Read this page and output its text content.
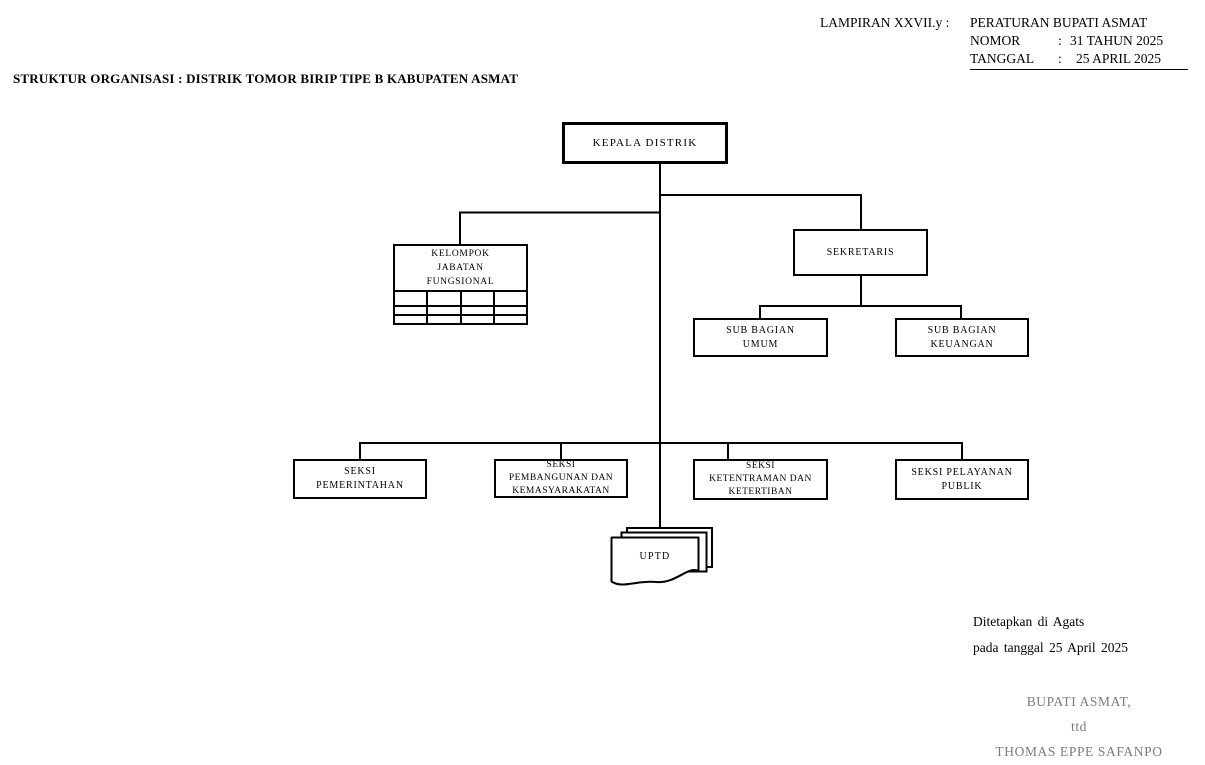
LAMPIRAN XXVII.y :	PERATURAN BUPATI ASMAT
NOMOR	: 31 TAHUN 2025
TANGGAL	:	25 APRIL 2025
STRUKTUR ORGANISASI : DISTRIK TOMOR BIRIP TIPE B KABUPATEN ASMAT
KEPALA DISTRIK
KELOMPOK
JABATAN
FUNGSIONAL
SEKRETARIS
SUB BAGIAN
UMUM
SUB BAGIAN
KEUANGAN
SEKSI
PEMERINTAHAN
SEKSI
PEMBANGUNAN DAN
KEMASYARAKATAN
SEKSI
KETENTRAMAN DAN
KETERTIBAN
SEKSI PELAYANAN
PUBLIK
UPTD
Ditetapkan di Agats
pada tanggal 25 April 2025
BUPATI ASMAT,
ttd
THOMAS EPPE SAFANPO
